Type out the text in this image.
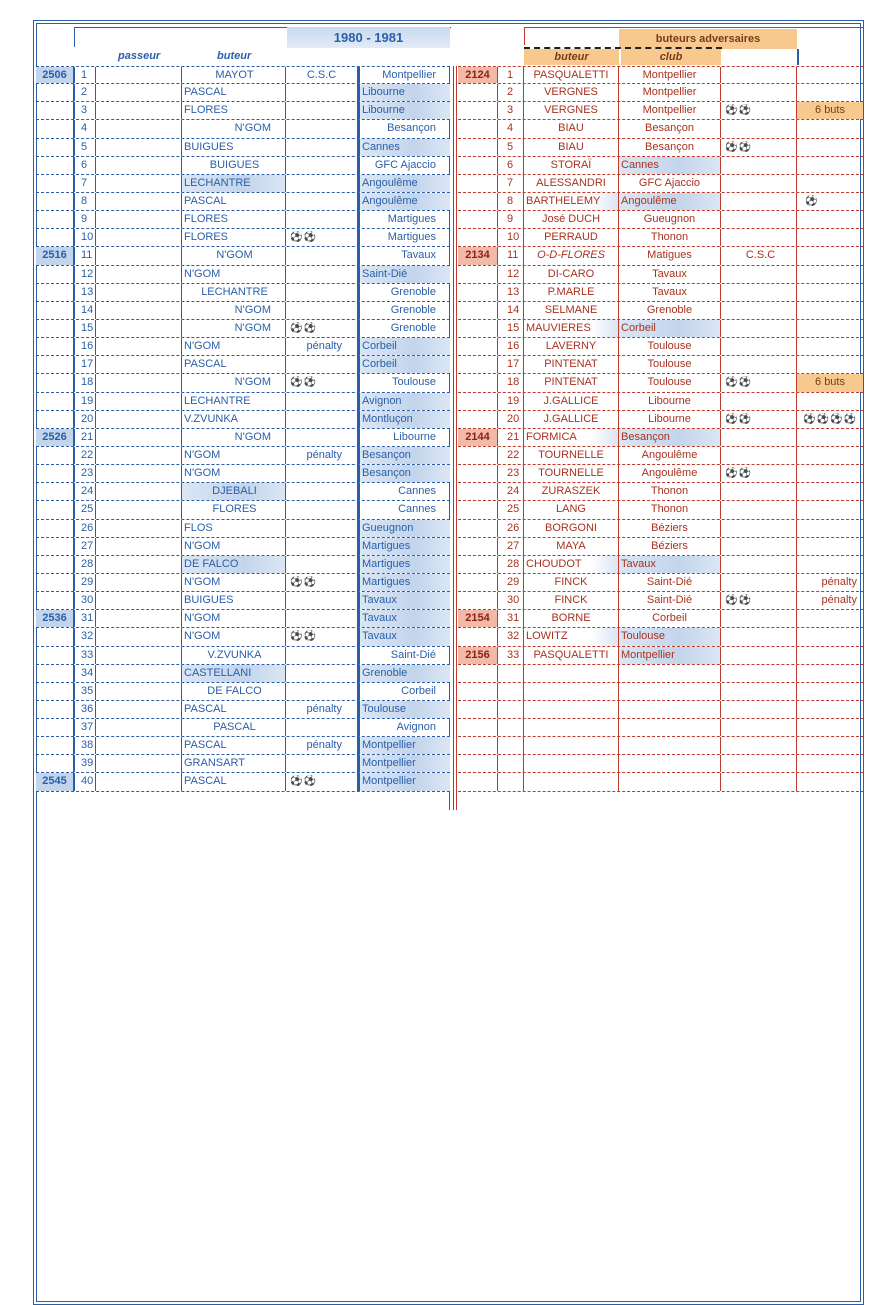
1980 - 1981
passeur	buteur
buteurs adversaires
buteur	club
2506	1	MAYOT	C.S.C	Montpellier
2	PASCAL	Libourne
3	FLORES	Libourne
4	N'GOM	Besançon
5	BUIGUES	Cannes
6	BUIGUES	GFC Ajaccio
7	LECHANTRE	Angoulême
8	PASCAL	Angoulême
9	FLORES	Martigues
10	FLORES	⚽⚽	Martigues
2516	11	N'GOM	Tavaux
12	N'GOM	Saint-Dié
13	LECHANTRE	Grenoble
14	N'GOM	Grenoble
15	N'GOM	⚽⚽	Grenoble
16	N'GOM	pénalty	Corbeil
17	PASCAL	Corbeil
18	N'GOM	⚽⚽	Toulouse
19	LECHANTRE	Avignon
20	V.ZVUNKA	Montluçon
2526	21	N'GOM	Libourne
22	N'GOM	pénalty	Besançon
23	N'GOM	Besançon
24	DJEBALI	Cannes
25	FLORES	Cannes
26	FLOS	Gueugnon
27	N'GOM	Martigues
28	DE FALCO	Martigues
29	N'GOM	⚽⚽	Martigues
30	BUIGUES	Tavaux
2536	31	N'GOM	Tavaux
32	N'GOM	⚽⚽	Tavaux
33	V.ZVUNKA	Saint-Dié
34	CASTELLANI	Grenoble
35	DE FALCO	Corbeil
36	PASCAL	pénalty	Toulouse
37	PASCAL	Avignon
38	PASCAL	pénalty	Montpellier
39	GRANSART	Montpellier
2545	40	PASCAL	⚽⚽	Montpellier
2124	1	PASQUALETTI	Montpellier
2	VERGNES	Montpellier
3	VERGNES	Montpellier	⚽⚽	6 buts
4	BIAU	Besançon
5	BIAU	Besançon	⚽⚽
6	STORAÏ	Cannes
7	ALESSANDRI	GFC Ajaccio
8	BARTHELEMY	Angoulême	⚽
9	José DUCH	Gueugnon
10	PERRAUD	Thonon
2134	11	O-D-FLORES	Matigues	C.S.C
12	DI-CARO	Tavaux
13	P.MARLE	Tavaux
14	SELMANE	Grenoble
15 MAUVIERES	Corbeil
16	LAVERNY	Toulouse
17	PINTENAT	Toulouse
18	PINTENAT	Toulouse	⚽⚽	6 buts
19	J.GALLICE	Libourne
20	J.GALLICE	Libourne	⚽⚽	⚽⚽⚽⚽
2144	21 FORMICA	Besançon
22	TOURNELLE	Angoulême
23	TOURNELLE	Angoulême	⚽⚽
24	ZURASZEK	Thonon
25	LANG	Thonon
26	BORGONI	Béziers
27	MAYA	Béziers
28 CHOUDOT	Tavaux
29	FINCK	Saint-Dié	pénalty
30	FINCK	Saint-Dié	⚽⚽	pénalty
2154	31	BORNE	Corbeil
32 LOWITZ	Toulouse
2156	33	PASQUALETTI	Montpellier
